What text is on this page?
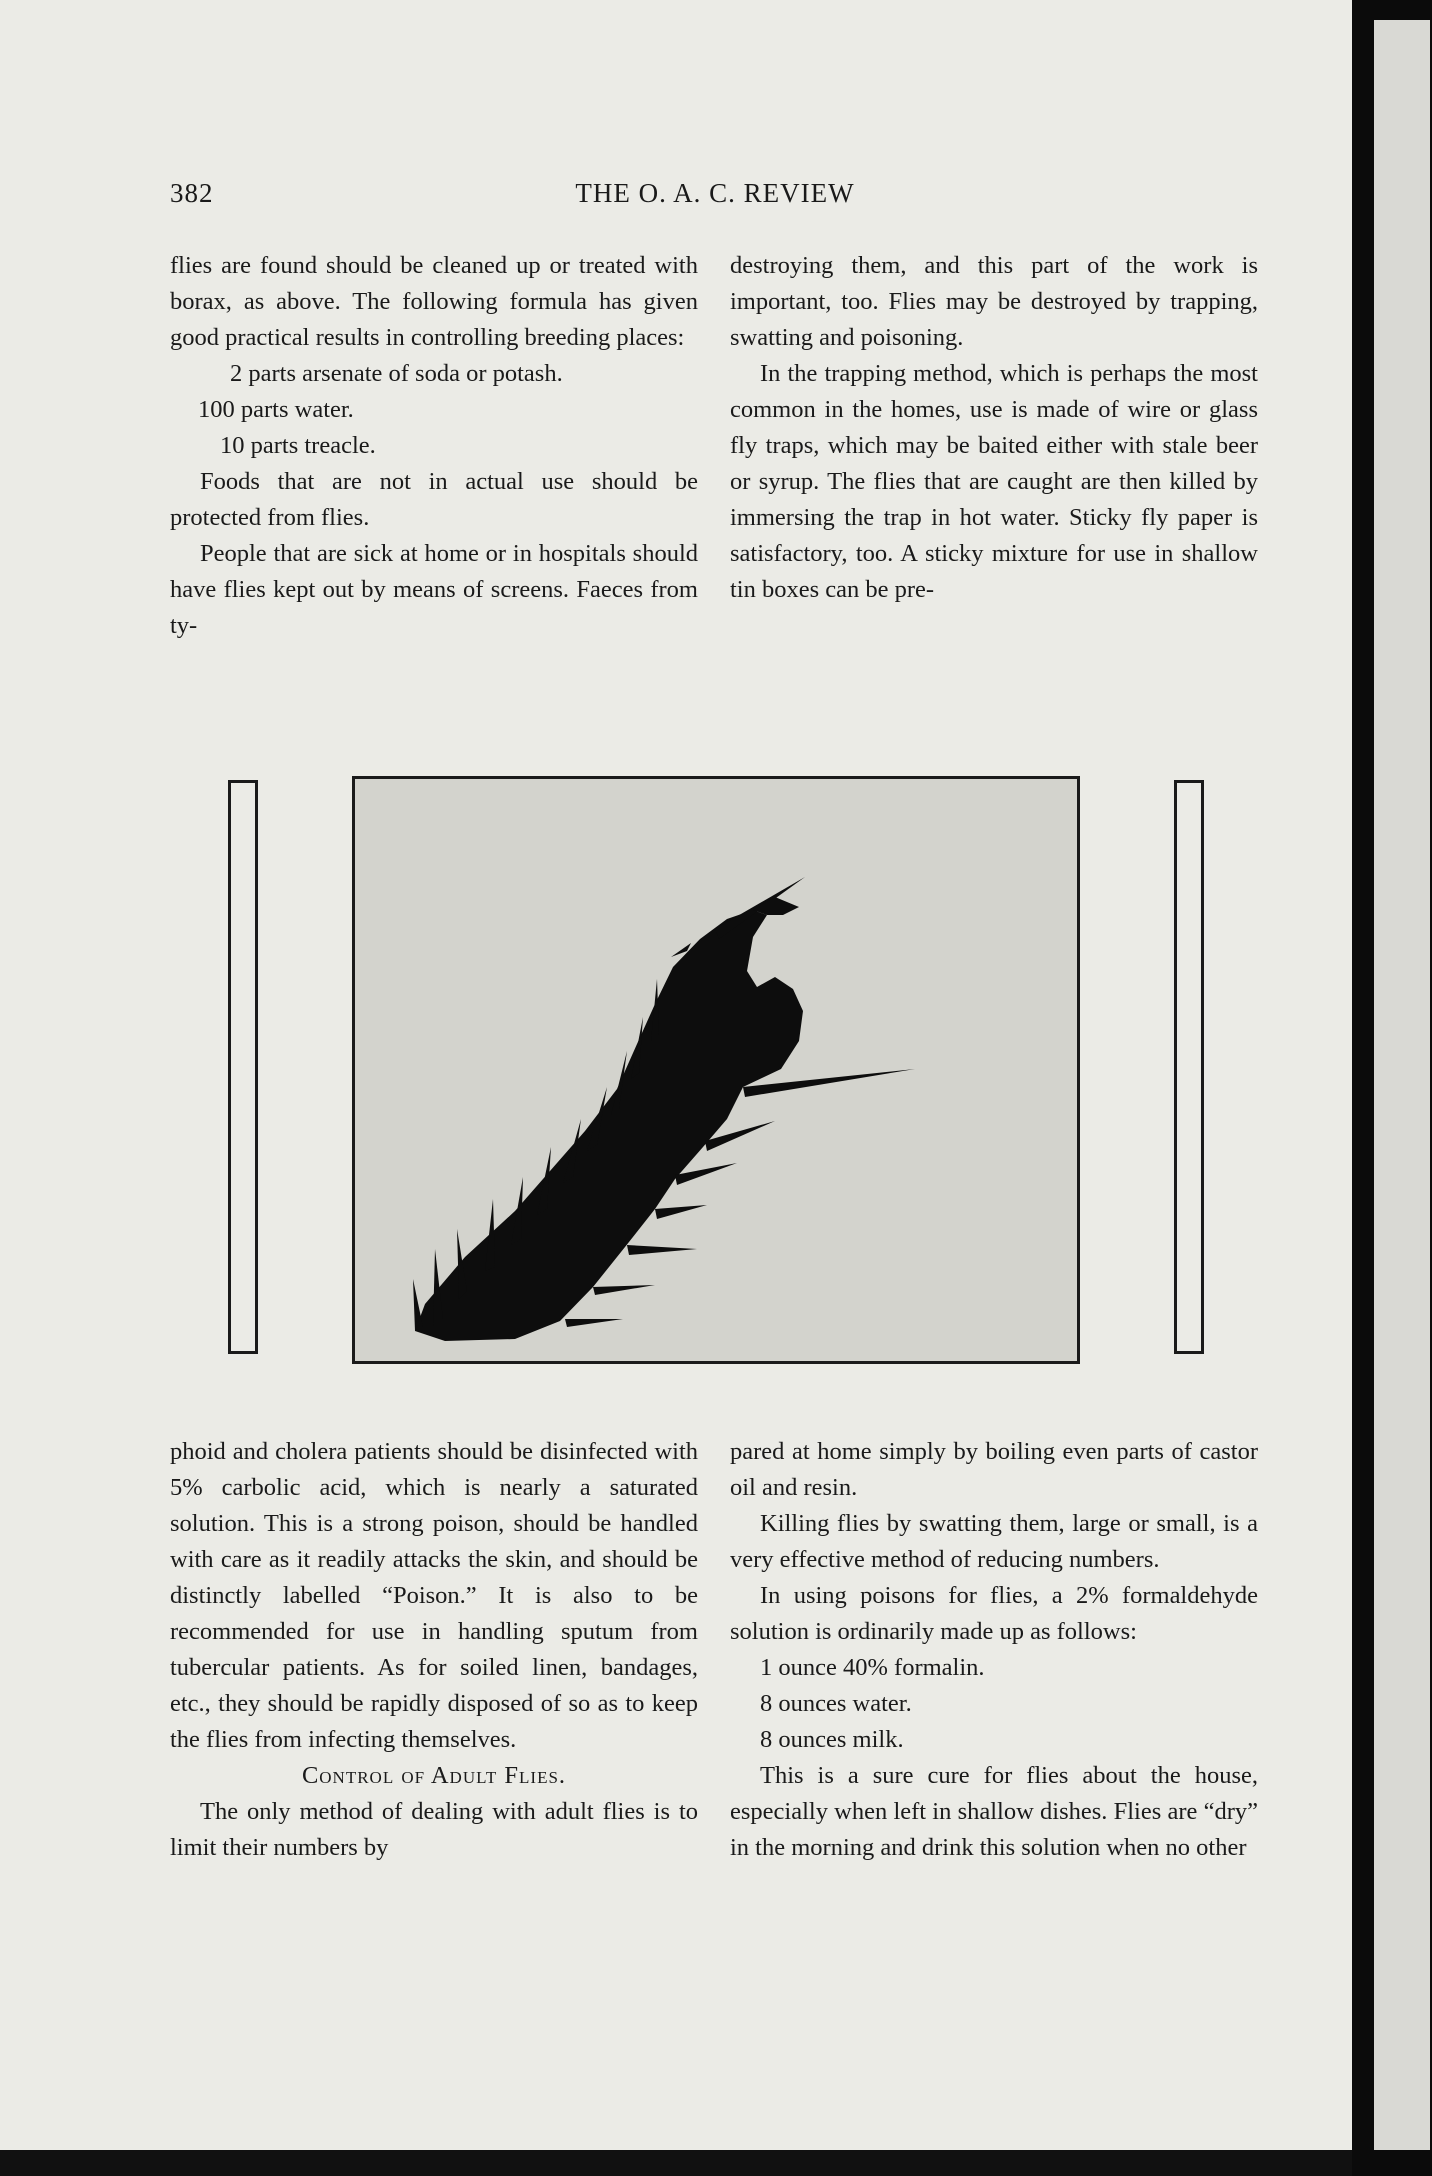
382	THE O. A. C. REVIEW

flies are found should be cleaned up or treated with borax, as above. The following formula has given good practical results in controlling breeding places:

2 parts arsenate of soda or potash.

100 parts water.

10 parts treacle.

Foods that are not in actual use should be protected from flies.

People that are sick at home or in hospitals should have flies kept out by means of screens. Faeces from ty-

destroying them, and this part of the work is important, too. Flies may be destroyed by trapping, swatting and poisoning.

In the trapping method, which is perhaps the most common in the homes, use is made of wire or glass fly traps, which may be baited either with stale beer or syrup. The flies that are caught are then killed by immersing the trap in hot water. Sticky fly paper is satisfactory, too. A sticky mixture for use in shallow tin boxes can be pre-

phoid and cholera patients should be disinfected with 5% carbolic acid, which is nearly a saturated solution. This is a strong poison, should be handled with care as it readily attacks the skin, and should be distinctly labelled “Poison.” It is also to be recommended for use in handling sputum from tubercular patients. As for soiled linen, bandages, etc., they should be rapidly disposed of so as to keep the flies from infecting themselves.

Control of Adult Flies.

The only method of dealing with adult flies is to limit their numbers by

pared at home simply by boiling even parts of castor oil and resin.

Killing flies by swatting them, large or small, is a very effective method of reducing numbers.

In using poisons for flies, a 2% formaldehyde solution is ordinarily made up as follows:

1 ounce 40% formalin.

8 ounces water.

8 ounces milk.

This is a sure cure for flies about the house, especially when left in shallow dishes. Flies are “dry” in the morning and drink this solution when no other
